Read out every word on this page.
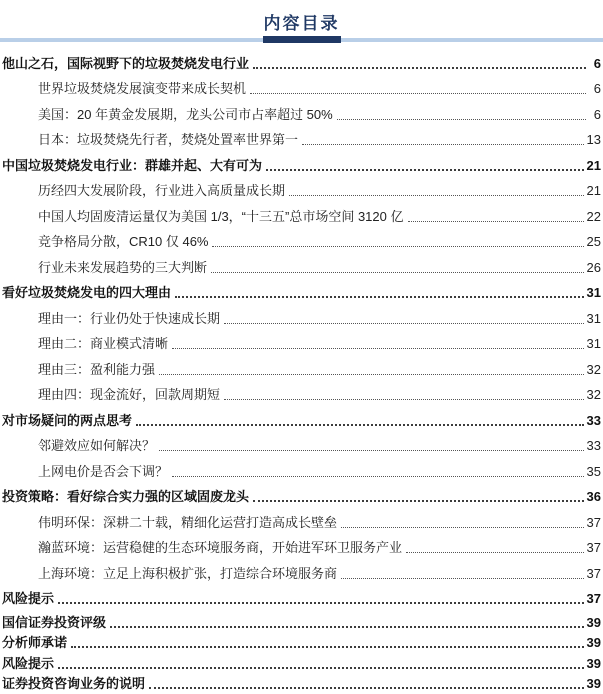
内容目录
他山之石，国际视野下的垃圾焚烧发电行业	6
世界垃圾焚烧发展演变带来成长契机	6
美国：20 年黄金发展期，龙头公司市占率超过 50%	6
日本：垃圾焚烧先行者，焚烧处置率世界第一	13
中国垃圾焚烧发电行业：群雄并起、大有可为	21
历经四大发展阶段，行业进入高质量成长期	21
中国人均固废清运量仅为美国 1/3，“十三五”总市场空间 3120 亿	22
竞争格局分散，CR10 仅 46%	25
行业未来发展趋势的三大判断	26
看好垃圾焚烧发电的四大理由	31
理由一：行业仍处于快速成长期	31
理由二：商业模式清晰	31
理由三：盈利能力强	32
理由四：现金流好，回款周期短	32
对市场疑问的两点思考	33
邻避效应如何解决？	33
上网电价是否会下调？	35
投资策略：看好综合实力强的区域固废龙头	36
伟明环保：深耕二十载，精细化运营打造高成长壁垒	37
瀚蓝环境：运营稳健的生态环境服务商，开始进军环卫服务产业	37
上海环境：立足上海积极扩张，打造综合环境服务商	37
风险提示	37
国信证券投资评级	39
分析师承诺	39
风险提示	39
证券投资咨询业务的说明	39
